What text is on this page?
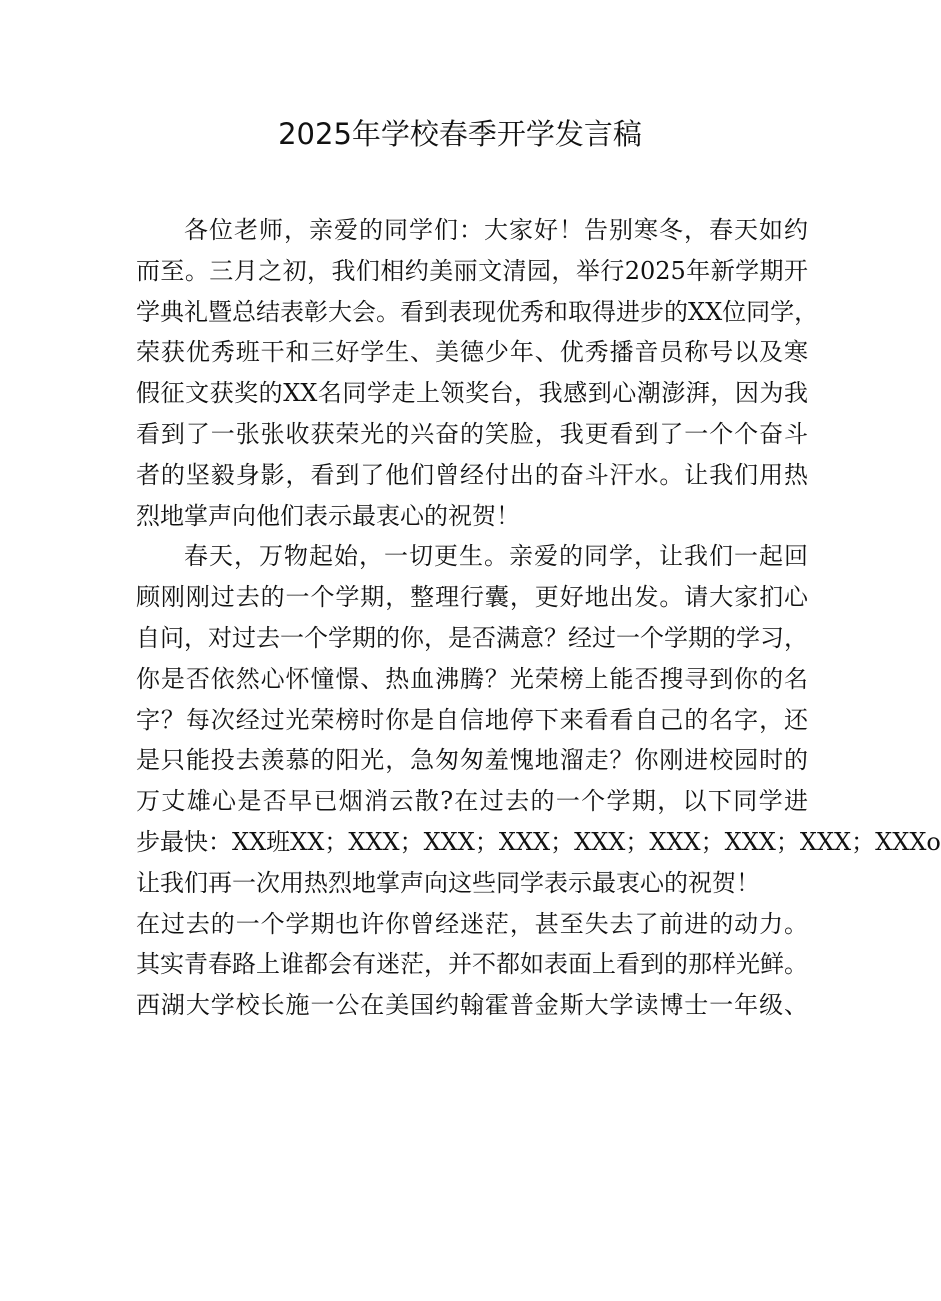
2025年学校春季开学发言稿
各位老师，亲爱的同学们：大家好！告别寒冬，春天如约
而至。三月之初，我们相约美丽文清园，举行2025年新学期开
学典礼暨总结表彰大会。看到表现优秀和取得进步的XX位同学，
荣获优秀班干和三好学生、美德少年、优秀播音员称号以及寒
假征文获奖的XX名同学走上领奖台，我感到心潮澎湃，因为我
看到了一张张收获荣光的兴奋的笑脸，我更看到了一个个奋斗
者的坚毅身影，看到了他们曾经付出的奋斗汗水。让我们用热
烈地掌声向他们表示最衷心的祝贺！
春天，万物起始，一切更生。亲爱的同学，让我们一起回
顾刚刚过去的一个学期，整理行囊，更好地出发。请大家扪心
自问，对过去一个学期的你，是否满意？经过一个学期的学习，
你是否依然心怀憧憬、热血沸腾？光荣榜上能否搜寻到你的名
字？每次经过光荣榜时你是自信地停下来看看自己的名字，还
是只能投去羡慕的阳光，急匆匆羞愧地溜走？你刚进校园时的
万丈雄心是否早已烟消云散?在过去的一个学期，以下同学进
步最快：XX班XX；XXX；XXX；XXX；XXX；XXX；XXX；XXX；XXXo
让我们再一次用热烈地掌声向这些同学表示最衷心的祝贺！
在过去的一个学期也许你曾经迷茫，甚至失去了前进的动力。
其实青春路上谁都会有迷茫，并不都如表面上看到的那样光鲜。
西湖大学校长施一公在美国约翰霍普金斯大学读博士一年级、
